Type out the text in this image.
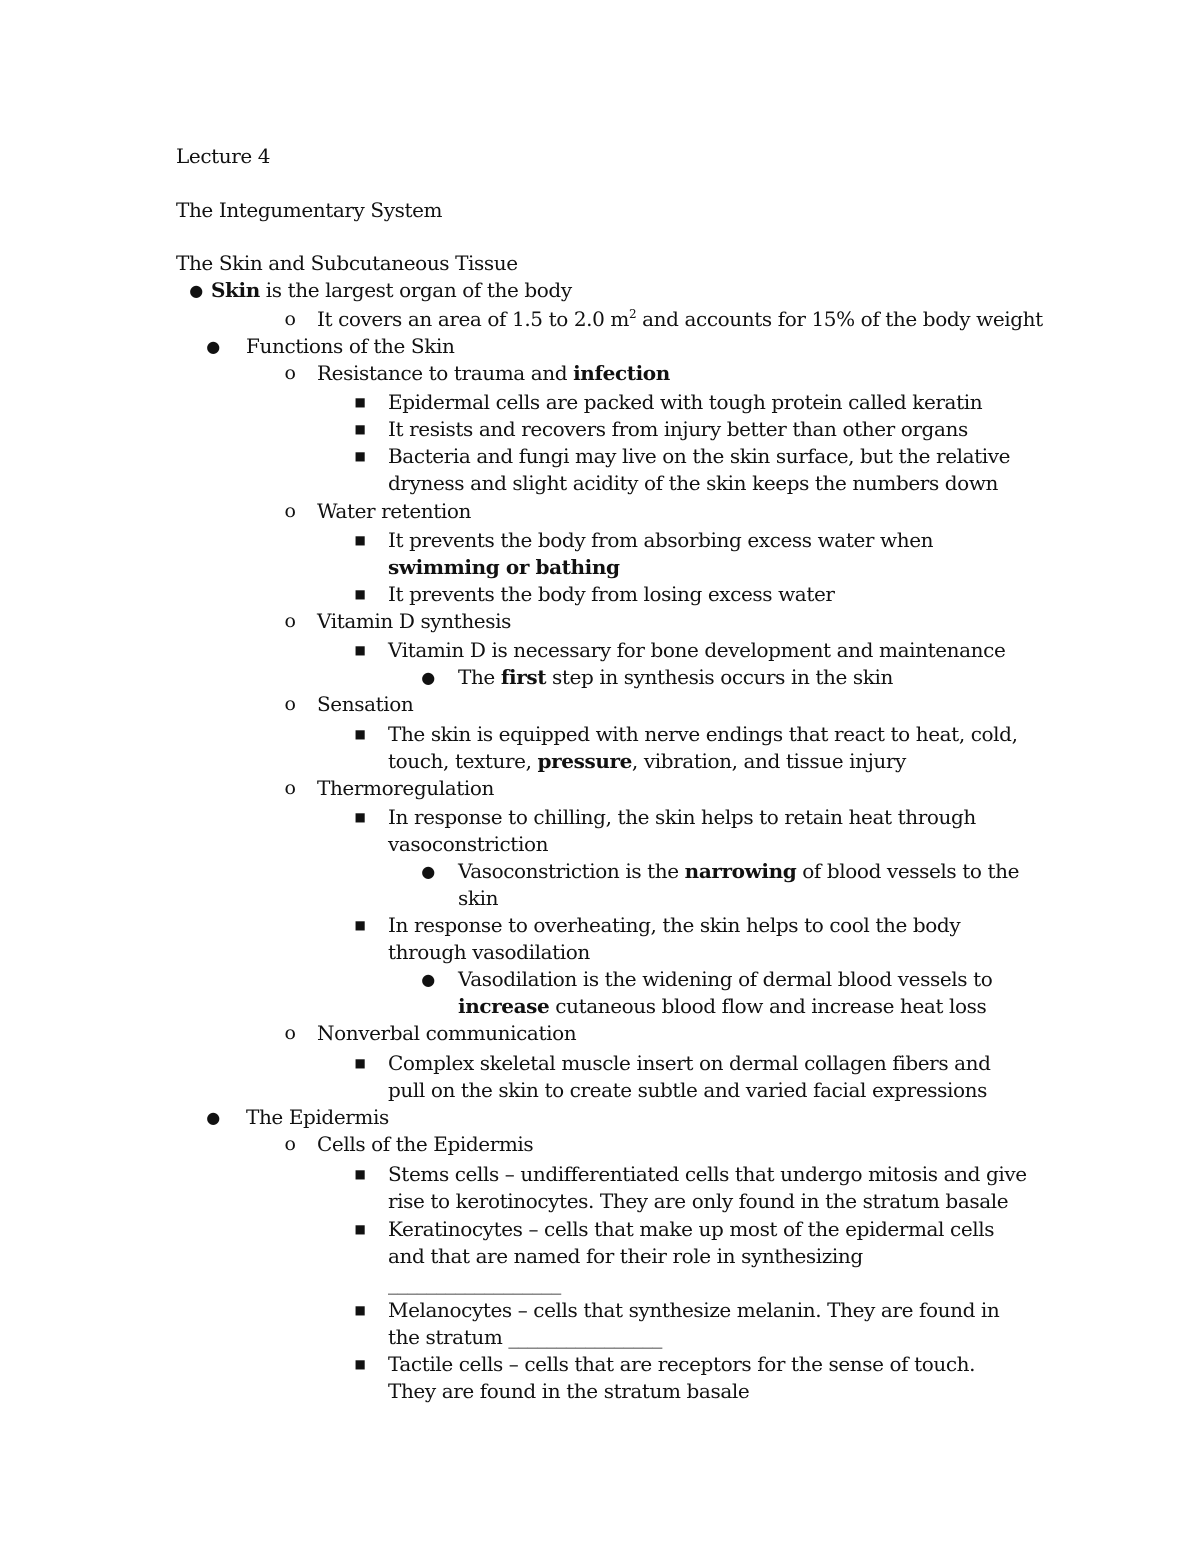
Lecture 4
The Integumentary System
The Skin and Subcutaneous Tissue
● Skin is the largest organ of the body
o It covers an area of 1.5 to 2.0 $m^2$ and accounts for 15% of the body weight
● Functions of the Skin
o Resistance to trauma and infection
■ Epidermal cells are packed with tough protein called keratin
■ It resists and recovers from injury better than other organs
■ Bacteria and fungi may live on the skin surface, but the relative dryness and slight acidity of the skin keeps the numbers down
o Water retention
■ It prevents the body from absorbing excess water when swimming or bathing
■ It prevents the body from losing excess water
o Vitamin D synthesis
■ Vitamin D is necessary for bone development and maintenance
● The first step in synthesis occurs in the skin
o Sensation
■ The skin is equipped with nerve endings that react to heat, cold, touch, texture, pressure, vibration, and tissue injury
o Thermoregulation
■ In response to chilling, the skin helps to retain heat through vasoconstriction
● Vasoconstriction is the narrowing of blood vessels to the skin
■ In response to overheating, the skin helps to cool the body through vasodilation
● Vasodilation is the widening of dermal blood vessels to increase cutaneous blood flow and increase heat loss
o Nonverbal communication
■ Complex skeletal muscle insert on dermal collagen fibers and pull on the skin to create subtle and varied facial expressions
● The Epidermis
o Cells of the Epidermis
■ Stems cells – undifferentiated cells that undergo mitosis and give rise to kerotinocytes. They are only found in the stratum basale
■ Keratinocytes – cells that make up most of the epidermal cells and that are named for their role in synthesizing __________________
■ Melanocytes – cells that synthesize melanin. They are found in the stratum ________________
■ Tactile cells – cells that are receptors for the sense of touch. They are found in the stratum basale
